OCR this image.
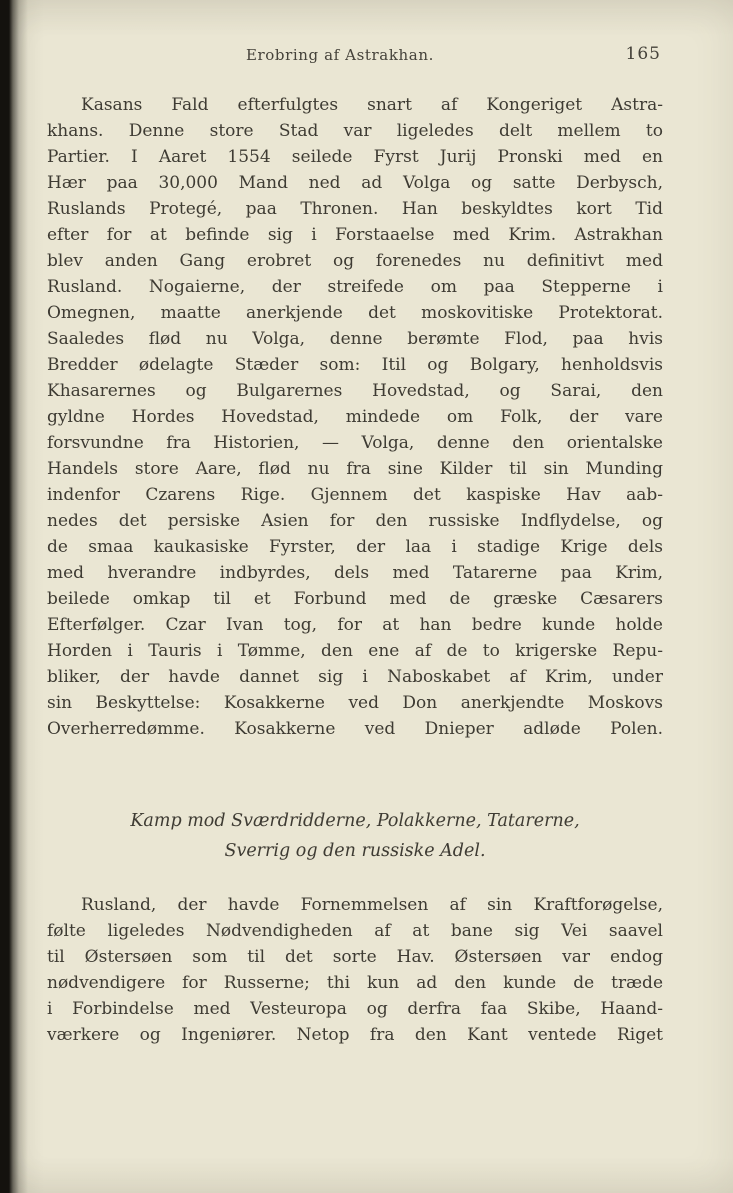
Erobring af Astrakhan.	165
Kasans Fald efterfulgtes snart af Kongeriget Astra-
khans. Denne store Stad var ligeledes delt mellem to
Partier. I Aaret 1554 seilede Fyrst Jurij Pronski med en
Hær paa 30,000 Mand ned ad Volga og satte Derbysch,
Ruslands Protegé, paa Thronen. Han beskyldtes kort Tid
efter for at befinde sig i Forstaaelse med Krim. Astrakhan
blev anden Gang erobret og forenedes nu definitivt med
Rusland. Nogaierne, der streifede om paa Stepperne i
Omegnen, maatte anerkjende det moskovitiske Protektorat.
Saaledes flød nu Volga, denne berømte Flod, paa hvis
Bredder ødelagte Stæder som: Itil og Bolgary, henholdsvis
Khasarernes og Bulgarernes Hovedstad, og Sarai, den
gyldne Hordes Hovedstad, mindede om Folk, der vare
forsvundne fra Historien, — Volga, denne den orientalske
Handels store Aare, flød nu fra sine Kilder til sin Munding
indenfor Czarens Rige. Gjennem det kaspiske Hav aab-
nedes det persiske Asien for den russiske Indflydelse, og
de smaa kaukasiske Fyrster, der laa i stadige Krige dels
med hverandre indbyrdes, dels med Tatarerne paa Krim,
beilede omkap til et Forbund med de græske Cæsarers
Efterfølger. Czar Ivan tog, for at han bedre kunde holde
Horden i Tauris i Tømme, den ene af de to krigerske Repu-
bliker, der havde dannet sig i Naboskabet af Krim, under
sin Beskyttelse: Kosakkerne ved Don anerkjendte Moskovs
Overherredømme. Kosakkerne ved Dnieper adløde Polen.
Kamp mod Sværdridderne, Polakkerne, Tatarerne,
Sverrig og den russiske Adel.
Rusland, der havde Fornemmelsen af sin Kraftforøgelse,
følte ligeledes Nødvendigheden af at bane sig Vei saavel
til Østersøen som til det sorte Hav. Østersøen var endog
nødvendigere for Russerne; thi kun ad den kunde de træde
i Forbindelse med Vesteuropa og derfra faa Skibe, Haand-
værkere og Ingeniører. Netop fra den Kant ventede Riget
